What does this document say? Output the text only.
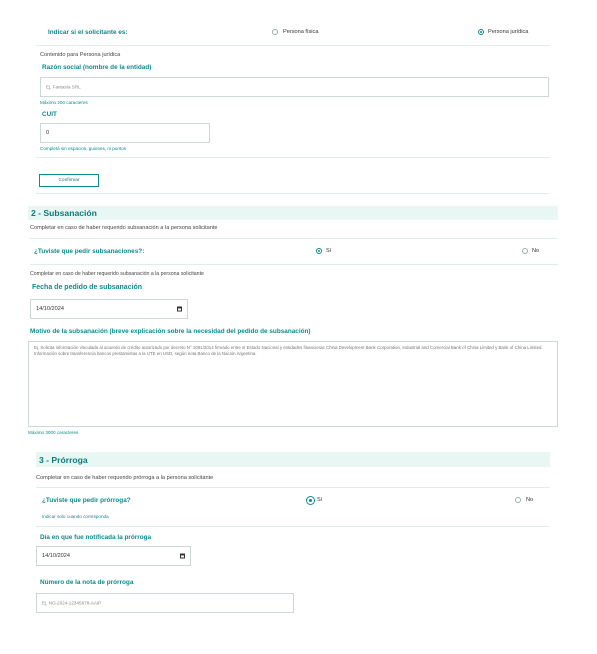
Indicar si el solicitante es:	Persona física	Persona jurídica
Contenido para Persona jurídica
Razón social (nombre de la entidad)
Ej. Fantasía SRL
Máximo 200 caracteres
CUIT
0
Completá sin espacios, guiones, ni puntos
Confirmar
2 - Subsanación
Completar en caso de haber requerido subsanación a la persona solicitante
¿Tuviste que pedir subsanaciones?:	Sí	No
Completar en caso de haber requerido subsanación a la persona solicitante
Fecha de pedido de subsanación
14/10/2024
Motivo de la subsanación (breve explicación sobre la necesidad del pedido de subsanación)
Ej. Solicita información vinculada al acuerdo de crédito autorizado por decreto N° 1091/2014 firmado entre el Estado Nacional y entidades financieras China Development Bank Corporation, Industrial and Comercial Bank of China Limited y Bank of China Limited. Información sobre transferencia bancos prestamistas a la UTE en USD, según nota Banco de la Nación Argentina.
Máximo 3000 caracteres
3 - Prórroga
Completar en caso de haber requerido prórroga a la persona solicitante
¿Tuviste que pedir prórroga?	Sí	No
Indicar solo cuando corresponda
Día en que fue notificada la prórroga
14/10/2024
Número de la nota de prórroga
Ej. NO-2024-12345678-AAIP
